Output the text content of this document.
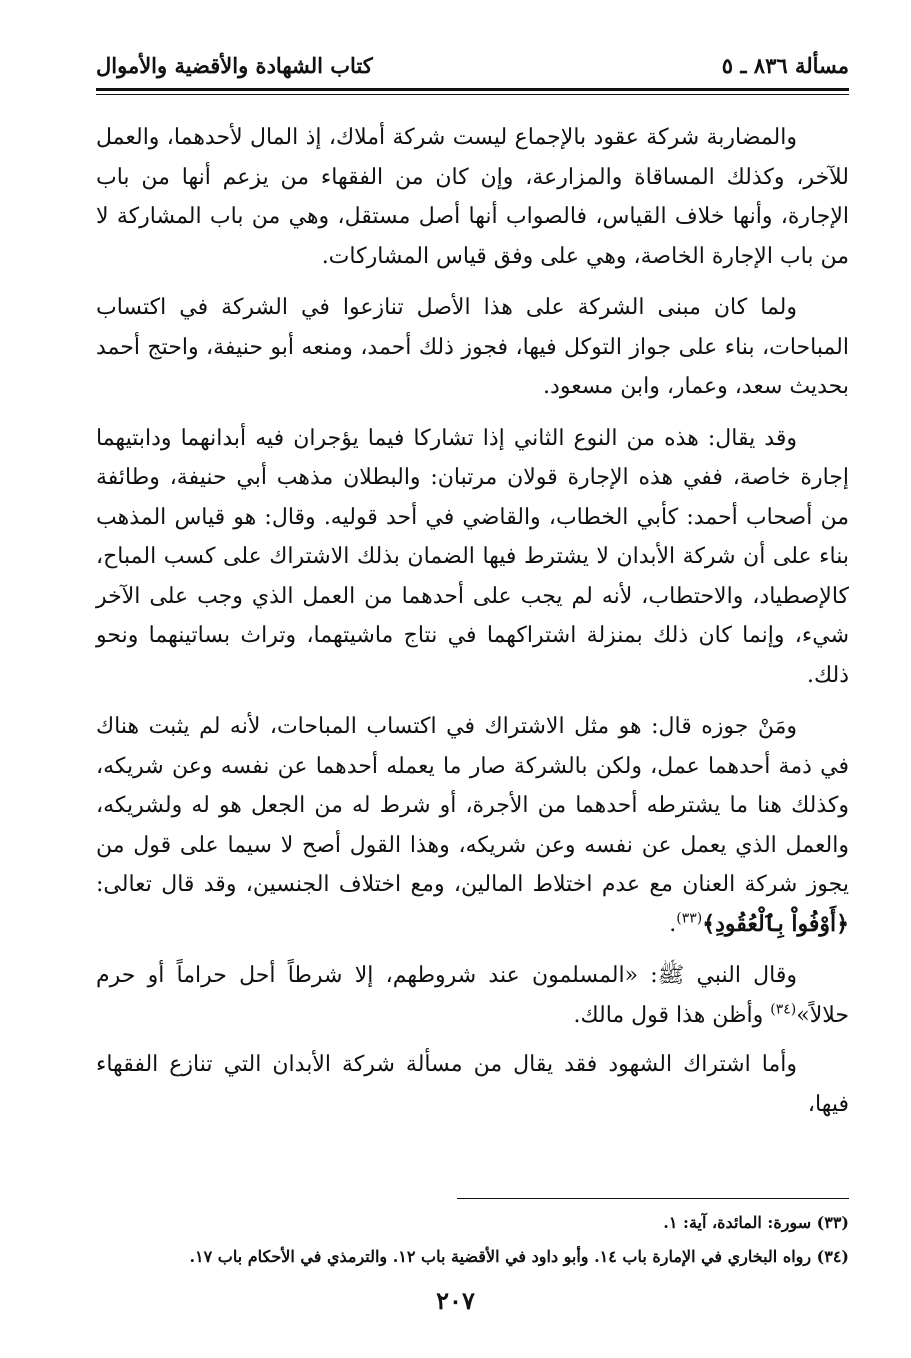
مسألة ٨٣٦ ـ ٥
كتاب الشهادة والأقضية والأموال

والمضاربة شركة عقود بالإجماع ليست شركة أملاك، إذ المال لأحدهما، والعمل للآخر، وكذلك المساقاة والمزارعة، وإن كان من الفقهاء من يزعم أنها من باب الإجارة، وأنها خلاف القياس، فالصواب أنها أصل مستقل، وهي من باب المشاركة لا من باب الإجارة الخاصة، وهي على وفق قياس المشاركات.

ولما كان مبنى الشركة على هذا الأصل تنازعوا في الشركة في اكتساب المباحات، بناء على جواز التوكل فيها، فجوز ذلك أحمد، ومنعه أبو حنيفة، واحتج أحمد بحديث سعد، وعمار، وابن مسعود.

وقد يقال: هذه من النوع الثاني إذا تشاركا فيما يؤجران فيه أبدانهما ودابتيهما إجارة خاصة، ففي هذه الإجارة قولان مرتبان: والبطلان مذهب أبي حنيفة، وطائفة من أصحاب أحمد: كأبي الخطاب، والقاضي في أحد قوليه. وقال: هو قياس المذهب بناء على أن شركة الأبدان لا يشترط فيها الضمان بذلك الاشتراك على كسب المباح، كالإصطياد، والاحتطاب، لأنه لم يجب على أحدهما من العمل الذي وجب على الآخر شيء، وإنما كان ذلك بمنزلة اشتراكهما في نتاج ماشيتهما، وتراث بساتينهما ونحو ذلك.

ومَنْ جوزه قال: هو مثل الاشتراك في اكتساب المباحات، لأنه لم يثبت هناك في ذمة أحدهما عمل، ولكن بالشركة صار ما يعمله أحدهما عن نفسه وعن شريكه، وكذلك هنا ما يشترطه أحدهما من الأجرة، أو شرط له من الجعل هو له ولشريكه، والعمل الذي يعمل عن نفسه وعن شريكه، وهذا القول أصح لا سيما على قول من يجوز شركة العنان مع عدم اختلاط المالين، ومع اختلاف الجنسين، وقد قال تعالى: ﴿أَوْفُواْ بِٱلْعُقُودِ﴾$^{(٣٣)}$.

وقال النبي ﷺ: «المسلمون عند شروطهم، إلا شرطاً أحل حراماً أو حرم حلالاً»$^{(٣٤)}$ وأظن هذا قول مالك.

وأما اشتراك الشهود فقد يقال من مسألة شركة الأبدان التي تنازع الفقهاء فيها،

(٣٣) سورة: المائدة، آية: ١.
(٣٤) رواه البخاري في الإمارة باب ١٤. وأبو داود في الأقضية باب ١٢. والترمذي في الأحكام باب ١٧.
٢٠٧
